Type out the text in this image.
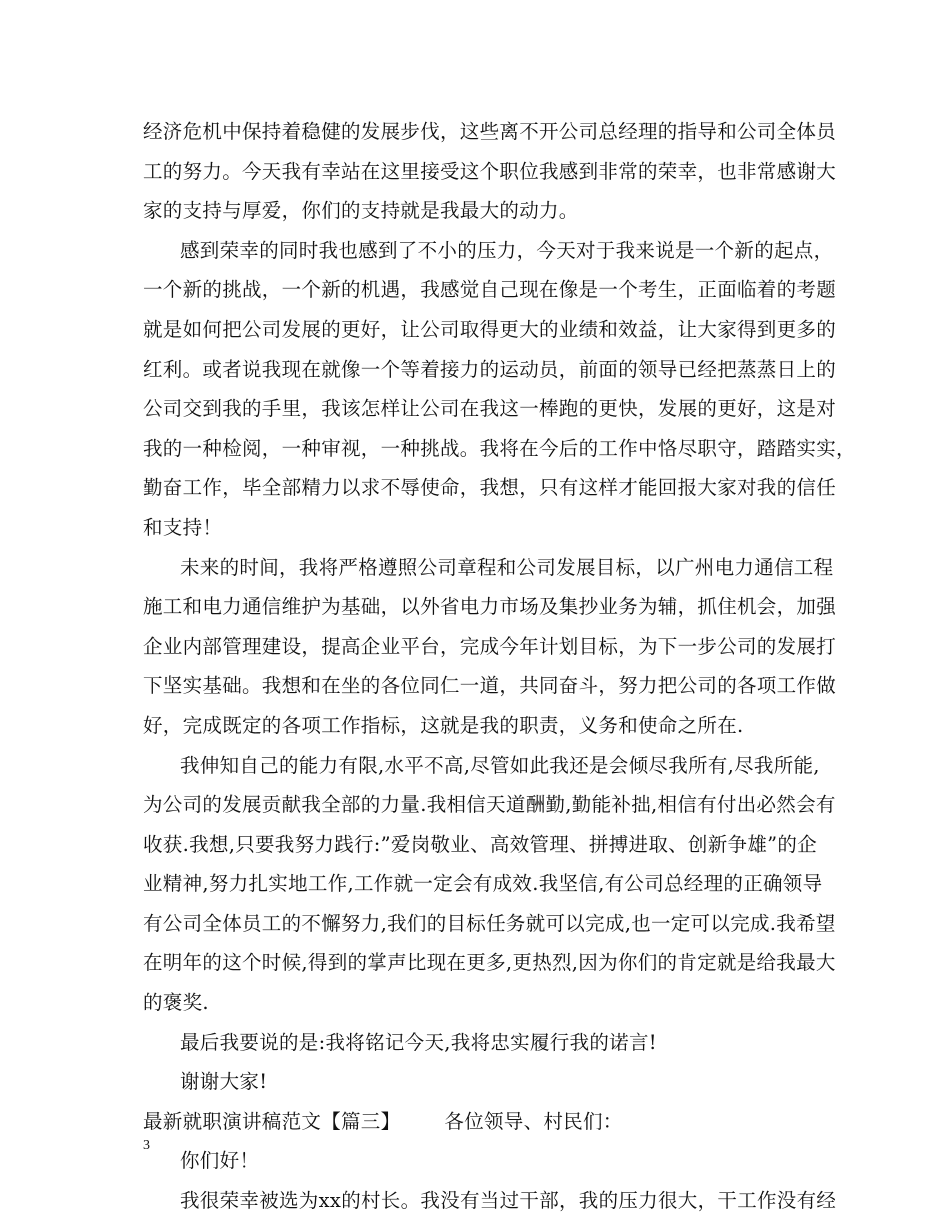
经济危机中保持着稳健的发展步伐，这些离不开公司总经理的指导和公司全体员
工的努力。今天我有幸站在这里接受这个职位我感到非常的荣幸，也非常感谢大
家的支持与厚爱，你们的支持就是我最大的动力。
感到荣幸的同时我也感到了不小的压力，今天对于我来说是一个新的起点，
一个新的挑战，一个新的机遇，我感觉自己现在像是一个考生，正面临着的考题
就是如何把公司发展的更好，让公司取得更大的业绩和效益，让大家得到更多的
红利。或者说我现在就像一个等着接力的运动员，前面的领导已经把蒸蒸日上的
公司交到我的手里，我该怎样让公司在我这一棒跑的更快，发展的更好，这是对
我的一种检阅，一种审视，一种挑战。我将在今后的工作中恪尽职守，踏踏实实，
勤奋工作，毕全部精力以求不辱使命，我想，只有这样才能回报大家对我的信任
和支持！
未来的时间，我将严格遵照公司章程和公司发展目标，以广州电力通信工程
施工和电力通信维护为基础，以外省电力市场及集抄业务为辅，抓住机会，加强
企业内部管理建设，提高企业平台，完成今年计划目标，为下一步公司的发展打
下坚实基础。我想和在坐的各位同仁一道，共同奋斗，努力把公司的各项工作做
好，完成既定的各项工作指标，这就是我的职责，义务和使命之所在.
我伸知自己的能力有限,水平不高,尽管如此我还是会倾尽我所有,尽我所能,
为公司的发展贡献我全部的力量.我相信天道酬勤,勤能补拙,相信有付出必然会有
收获.我想,只要我努力践行:”爱岗敬业、高效管理、拼搏进取、创新争雄”的企
业精神,努力扎实地工作,工作就一定会有成效.我坚信,有公司总经理的正确领导
有公司全体员工的不懈努力,我们的目标任务就可以完成,也一定可以完成.我希望
在明年的这个时候,得到的掌声比现在更多,更热烈,因为你们的肯定就是给我最大
的褒奖.
最后我要说的是:我将铭记今天,我将忠实履行我的诺言!
谢谢大家!
最新就职演讲稿范文【篇三】 各位领导、村民们：
你们好！
我很荣幸被选为xx的村长。我没有当过干部，我的压力很大，干工作没有经
3
